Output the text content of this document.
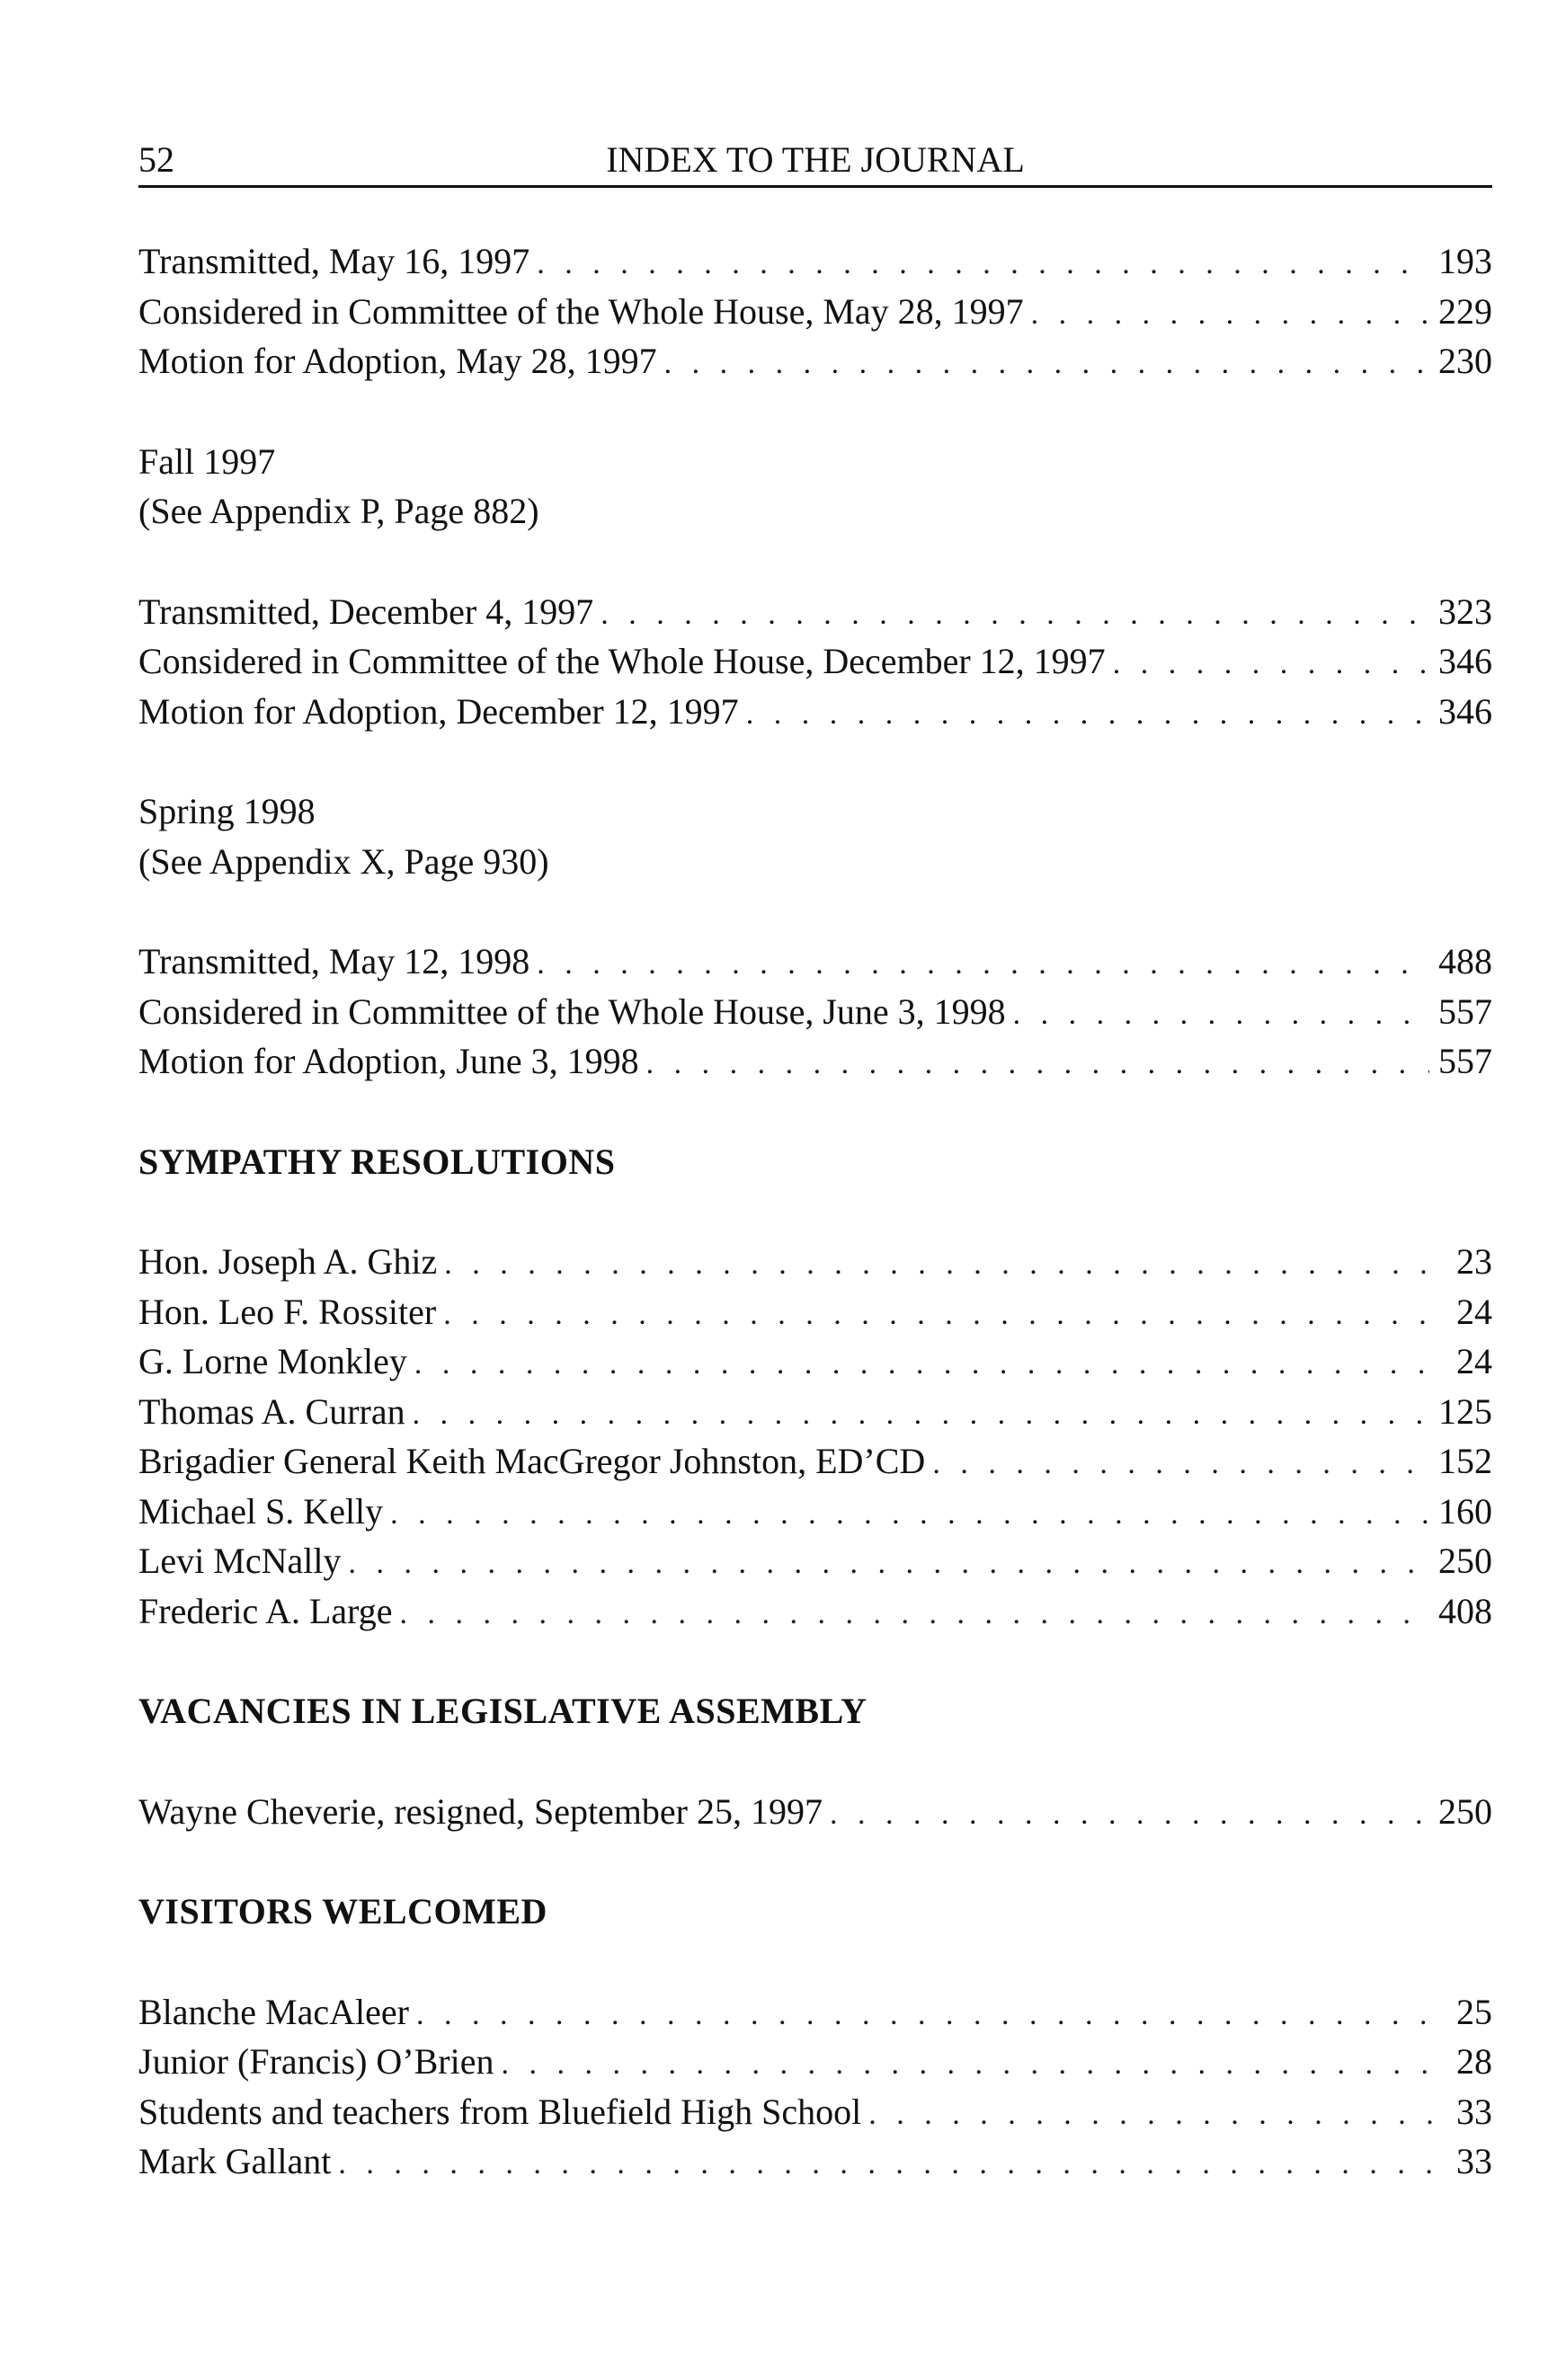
52	INDEX TO THE JOURNAL
Transmitted, May 16, 1997 . . .	193
Considered in Committee of the Whole House, May 28, 1997 . . .	229
Motion for Adoption, May 28, 1997 . . .	230
Fall 1997
(See Appendix P, Page 882)
Transmitted, December 4, 1997 . . .	323
Considered in Committee of the Whole House, December 12, 1997 . . .	346
Motion for Adoption, December 12, 1997 . . .	346
Spring 1998
(See Appendix X, Page 930)
Transmitted, May 12, 1998 . . .	488
Considered in Committee of the Whole House, June 3, 1998 . . .	557
Motion for Adoption, June 3, 1998 . . .	557
SYMPATHY RESOLUTIONS
Hon. Joseph A. Ghiz . . .	23
Hon. Leo F. Rossiter . . .	24
G. Lorne Monkley . . .	24
Thomas A. Curran . . .	125
Brigadier General Keith MacGregor Johnston, ED’CD . . .	152
Michael S. Kelly . . .	160
Levi McNally . . .	250
Frederic A. Large . . .	408
VACANCIES IN LEGISLATIVE ASSEMBLY
Wayne Cheverie, resigned, September 25, 1997 . . .	250
VISITORS WELCOMED
Blanche MacAleer . . .	25
Junior (Francis) O’Brien . . .	28
Students and teachers from Bluefield High School . . .	33
Mark Gallant . . .	33
